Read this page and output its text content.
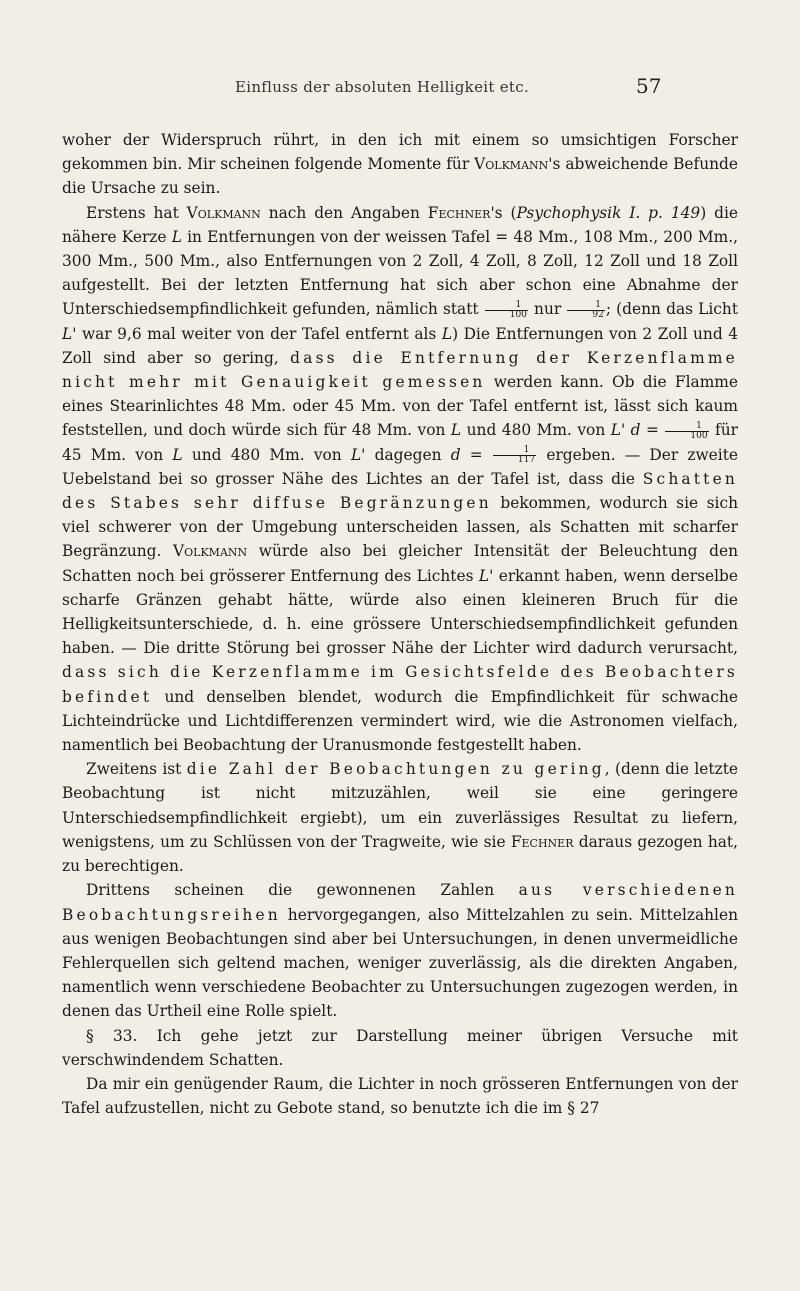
Einfluss der absoluten Helligkeit etc.	57

woher der Widerspruch rührt, in den ich mit einem so umsichtigen Forscher gekommen bin. Mir scheinen folgende Momente für Volkmann's abweichende Befunde die Ursache zu sein.

Erstens hat Volkmann nach den Angaben Fechner's (Psychophysik I. p. 149) die nähere Kerze L in Entfernungen von der weissen Tafel = 48 Mm., 108 Mm., 200 Mm., 300 Mm., 500 Mm., also Entfernungen von 2 Zoll, 4 Zoll, 8 Zoll, 12 Zoll und 18 Zoll aufgestellt. Bei der letzten Entfernung hat sich aber schon eine Abnahme der Unterschiedsempfindlichkeit gefunden, nämlich statt $\frac{1}{100}$ nur $\frac{1}{92}$ ; (denn das Licht L' war 9,6 mal weiter von der Tafel entfernt als L) Die Entfernungen von 2 Zoll und 4 Zoll sind aber so gering, dass die Entfernung der Kerzenflamme nicht mehr mit Genauigkeit gemessen werden kann. Ob die Flamme eines Stearinlichtes 48 Mm. oder 45 Mm. von der Tafel entfernt ist, lässt sich kaum feststellen, und doch würde sich für 48 Mm. von L und 480 Mm. von L' $d = \frac{1}{100}$ für 45 Mm. von L und 480 Mm. von L' dagegen $d = \frac{1}{117}$ ergeben. — Der zweite Uebelstand bei so grosser Nähe des Lichtes an der Tafel ist, dass die Schatten des Stabes sehr diffuse Begränzungen bekommen, wodurch sie sich viel schwerer von der Umgebung unterscheiden lassen, als Schatten mit scharfer Begränzung. Volkmann würde also bei gleicher Intensität der Beleuchtung den Schatten noch bei grösserer Entfernung des Lichtes L' erkannt haben, wenn derselbe scharfe Gränzen gehabt hätte, würde also einen kleineren Bruch für die Helligkeitsunterschiede, d. h. eine grössere Unterschiedsempfindlichkeit gefunden haben. — Die dritte Störung bei grosser Nähe der Lichter wird dadurch verursacht, dass sich die Kerzenflamme im Gesichtsfelde des Beobachters befindet und denselben blendet, wodurch die Empfindlichkeit für schwache Lichteindrücke und Lichtdifferenzen vermindert wird, wie die Astronomen vielfach, namentlich bei Beobachtung der Uranusmonde festgestellt haben.

Zweitens ist die Zahl der Beobachtungen zu gering, (denn die letzte Beobachtung ist nicht mitzuzählen, weil sie eine geringere Unterschiedsempfindlichkeit ergiebt), um ein zuverlässiges Resultat zu liefern, wenigstens, um zu Schlüssen von der Tragweite, wie sie Fechner daraus gezogen hat, zu berechtigen.

Drittens scheinen die gewonnenen Zahlen aus verschiedenen Beobachtungsreihen hervorgegangen, also Mittelzahlen zu sein. Mittelzahlen aus wenigen Beobachtungen sind aber bei Untersuchungen, in denen unvermeidliche Fehlerquellen sich geltend machen, weniger zuverlässig, als die direkten Angaben, namentlich wenn verschiedene Beobachter zu Untersuchungen zugezogen werden, in denen das Urtheil eine Rolle spielt.

§ 33. Ich gehe jetzt zur Darstellung meiner übrigen Versuche mit verschwindendem Schatten.

Da mir ein genügender Raum, die Lichter in noch grösseren Entfernungen von der Tafel aufzustellen, nicht zu Gebote stand, so benutzte ich die im § 27
